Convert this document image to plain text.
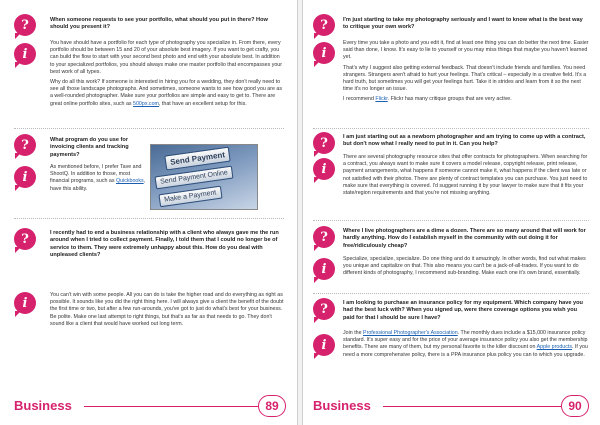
?	When someone requests to see your portfolio, what should you put in there? How should you present it?
i

You have should have a portfolio for each type of photography you specialize in. From there, every portfolio should be between 15 and 20 of your absolute best imagery. If you want to get crafty, you can build the flow to start with your second best photo and end with your absolute best. In addition to your specialized portfolios, you should always make one master portfolio that encompasses your best work of all types.

Why do all this work? If someone is interested in hiring you for a wedding, they don't really need to see all those landscape photographs. And sometimes, someone wants to see how good you are as a well-rounded photographer. Make sure your portfolios are simple and easy to get to. There are great online portfolio sites, such as 500px.com, that have an excellent setup for this.

?	What program do you use for invoicing clients and tracking payments?
i

As mentioned before, I prefer Tave and ShootQ. In addition to those, most financial programs, such as Quickbooks, have this ability.

Send Payment
Send Payment Online
Make a Payment
?	I recently had to end a business relationship with a client who always gave me the run around when I tried to collect payment. Finally, I told them that I could no longer be of service to them. They were extremely unhappy about this. How do you deal with unpleased clients?
i
You can't win with some people. All you can do is take the higher road and do everything as right as possible. It sounds like you did the right thing here. I will always give a client the benefit of the doubt the first time or two, but after a few run-arounds, you've got to just do what's best for your business. Be polite. Make one last attempt to right things, but that's as far as that needs to go. They don't sound like a client that would have worked out long term.
Business	89
?	I'm just starting to take my photography seriously and I want to know what is the best way to critique your own work?
i

Every time you take a photo and you edit it, find at least one thing you can do better the next time. Easier said than done, I know. It's easy to lie to yourself or you may miss things that maybe you haven't learned yet.

That's why I suggest also getting external feedback. That doesn't include friends and families. You need strangers. Strangers aren't afraid to hurt your feelings. That's critical – especially in a creative field. It's a hard truth, but sometimes you will get your feelings hurt. Take it in strides and learn from it so the next time it's no longer an issue.

I recommend Flickr. Flickr has many critique groups that are very active.

?	I am just starting out as a newborn photographer and am trying to come up with a contract, but don't now what I really need to put in it. Can you help?
i
There are several photography resource sites that offer contracts for photographers. When searching for a contract, you always want to make sure it covers a model release, copyright release, print release, payment arrangements, what happens if someone cannot make it, what happens if the client was late or not satisfied with their photos. There are plenty of contract templates you can purchase. You just need to make sure that everything is covered. I'd suggest running it by your lawyer to make sure that it fits your state/region requirements and that you're not missing anything.
?	Where I live photographers are a dime a dozen. There are so many around that will work for hardly anything. How do I establish myself in the community with out doing it for free/ridiculously cheap?
i
Specialize, specialize, specialize. Do one thing and do it amazingly. In other words, find out what makes you unique and capitalize on that. This also means you can't be a jack-of-all-trades. If you want to do different kinds of photography, I recommend sub-branding. Make each one it's own brand, essentially.
?	I am looking to purchase an insurance policy for my equipment. Which company have you had the best luck with? When you signed up, were there coverage options you wish you paid for that I should be sure I have?
i

Join the Professional Photographer's Association. The monthly dues include a $15,000 insurance policy standard. It's super easy and for the price of your average insurance policy you also get the membership benefits. There are many of them, but my personal favorite is the killer discount on Apple products. If you need a more comprehensive policy, there is a PPA insurance plus policy you can to which you upgrade.

Business	90
